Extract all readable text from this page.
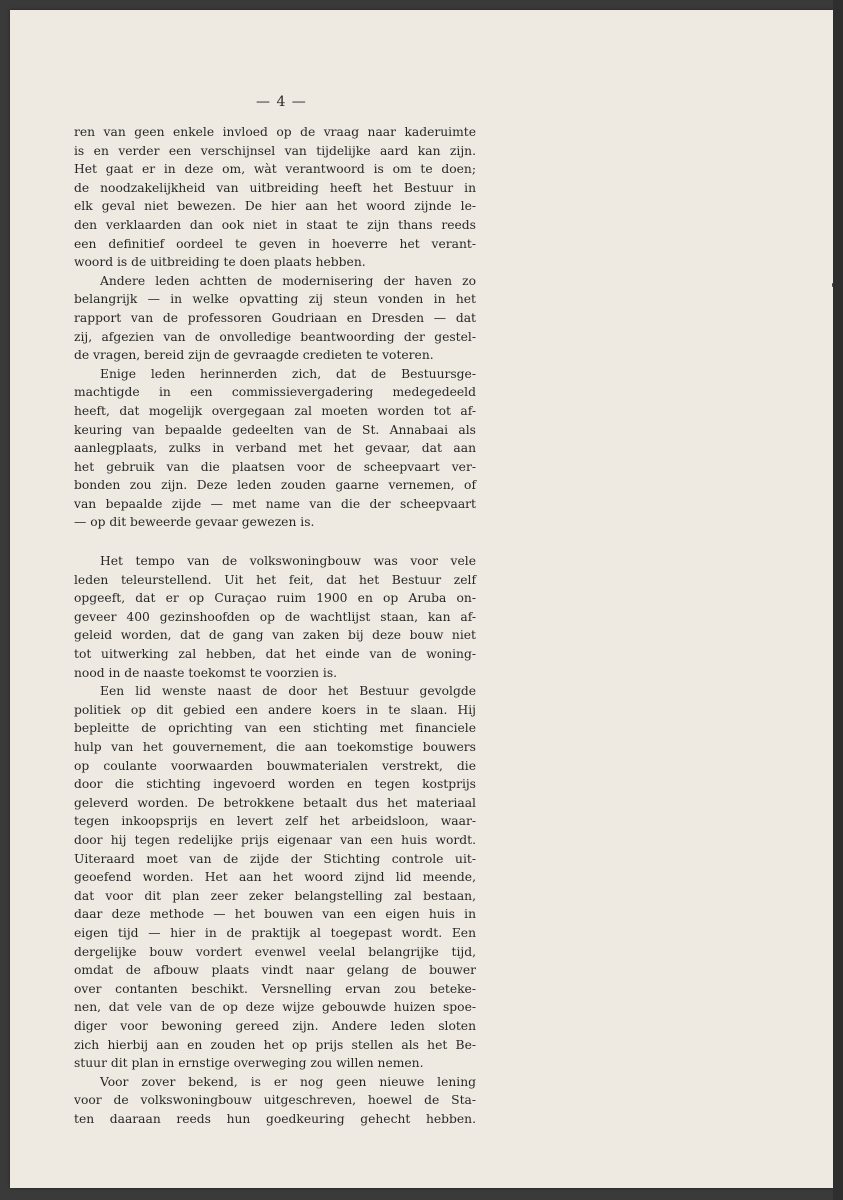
— 4 —
ren van geen enkele invloed op de vraag naar kaderuimte
is en verder een verschijnsel van tijdelijke aard kan zijn.
Het gaat er in deze om, wàt verantwoord is om te doen;
de noodzakelijkheid van uitbreiding heeft het Bestuur in
elk geval niet bewezen. De hier aan het woord zijnde le-
den verklaarden dan ook niet in staat te zijn thans reeds
een definitief oordeel te geven in hoeverre het verant-
woord is de uitbreiding te doen plaats hebben.
Andere leden achtten de modernisering der haven zo
belangrijk — in welke opvatting zij steun vonden in het
rapport van de professoren Goudriaan en Dresden — dat
zij, afgezien van de onvolledige beantwoording der gestel-
de vragen, bereid zijn de gevraagde credieten te voteren.
Enige leden herinnerden zich, dat de Bestuursge-
machtigde in een commissievergadering medegedeeld
heeft, dat mogelijk overgegaan zal moeten worden tot af-
keuring van bepaalde gedeelten van de St. Annabaai als
aanlegplaats, zulks in verband met het gevaar, dat aan
het gebruik van die plaatsen voor de scheepvaart ver-
bonden zou zijn. Deze leden zouden gaarne vernemen, of
van bepaalde zijde — met name van die der scheepvaart
— op dit beweerde gevaar gewezen is.
Het tempo van de volkswoningbouw was voor vele
leden teleurstellend. Uit het feit, dat het Bestuur zelf
opgeeft, dat er op Curaçao ruim 1900 en op Aruba on-
geveer 400 gezinshoofden op de wachtlijst staan, kan af-
geleid worden, dat de gang van zaken bij deze bouw niet
tot uitwerking zal hebben, dat het einde van de woning-
nood in de naaste toekomst te voorzien is.
Een lid wenste naast de door het Bestuur gevolgde
politiek op dit gebied een andere koers in te slaan. Hij
bepleitte de oprichting van een stichting met financiele
hulp van het gouvernement, die aan toekomstige bouwers
op coulante voorwaarden bouwmaterialen verstrekt, die
door die stichting ingevoerd worden en tegen kostprijs
geleverd worden. De betrokkene betaalt dus het materiaal
tegen inkoopsprijs en levert zelf het arbeidsloon, waar-
door hij tegen redelijke prijs eigenaar van een huis wordt.
Uiteraard moet van de zijde der Stichting controle uit-
geoefend worden. Het aan het woord zijnd lid meende,
dat voor dit plan zeer zeker belangstelling zal bestaan,
daar deze methode — het bouwen van een eigen huis in
eigen tijd — hier in de praktijk al toegepast wordt. Een
dergelijke bouw vordert evenwel veelal belangrijke tijd,
omdat de afbouw plaats vindt naar gelang de bouwer
over contanten beschikt. Versnelling ervan zou beteke-
nen, dat vele van de op deze wijze gebouwde huizen spoe-
diger voor bewoning gereed zijn. Andere leden sloten
zich hierbij aan en zouden het op prijs stellen als het Be-
stuur dit plan in ernstige overweging zou willen nemen.
Voor zover bekend, is er nog geen nieuwe lening
voor de volkswoningbouw uitgeschreven, hoewel de Sta-
ten daaraan reeds hun goedkeuring gehecht hebben.
